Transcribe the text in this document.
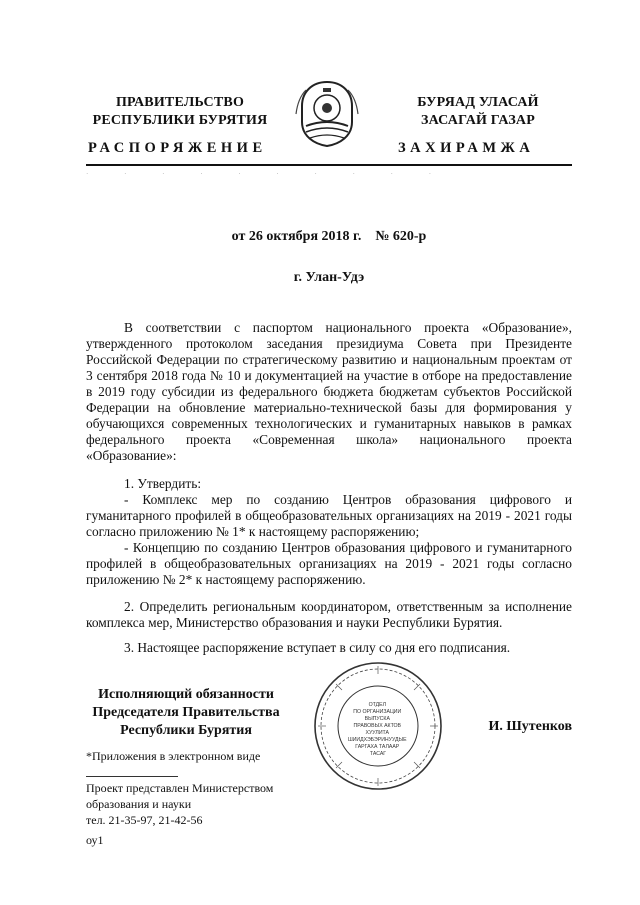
ПРАВИТЕЛЬСТВО
РЕСПУБЛИКИ БУРЯТИЯ
БУРЯАД УЛАСАЙ
ЗАСАГАЙ ГАЗАР
РАСПОРЯЖЕНИЕ	ЗАХИРАМЖА
·         ·         ·         ·         ·         ·         ·         ·         ·         ·
от 26 октября 2018 г.    № 620-р
г. Улан-Удэ
В соответствии с паспортом национального проекта «Образование», утвержденного протоколом заседания президиума Совета при Президенте Российской Федерации по стратегическому развитию и национальным проектам от 3 сентября 2018 года № 10 и документацией на участие в отборе на предоставление в 2019 году субсидии из федерального бюджета бюджетам субъектов Российской Федерации на обновление материально-технической базы для формирования у обучающихся современных технологических и гуманитарных навыков в рамках федерального проекта «Современная школа» национального проекта «Образование»:
1. Утвердить:
- Комплекс мер по созданию Центров образования цифрового и гуманитарного профилей в общеобразовательных организациях на 2019 - 2021 годы согласно приложению № 1* к настоящему распоряжению;
- Концепцию по созданию Центров образования цифрового и гуманитарного профилей в общеобразовательных организациях на 2019 - 2021 годы согласно приложению № 2* к настоящему распоряжению.
2. Определить региональным координатором, ответственным за исполнение комплекса мер, Министерство образования и науки Республики Бурятия.
3. Настоящее распоряжение вступает в силу со дня его подписания.
Исполняющий обязанности
Председателя Правительства
Республики Бурятия
ОТДЕЛ ПО ОРГАНИЗАЦИИ ВЫПУСКА ПРАВОВЫХ АКТОВ ХУУЛИТА ШИИДХЭБЭРИНУУДЫЕ ГАРГАХА ТАЛААР ТАСАГ
И. Шутенков
*Приложения в электронном виде
Проект представлен Министерством
образования и науки
тел. 21-35-97, 21-42-56
оу1
